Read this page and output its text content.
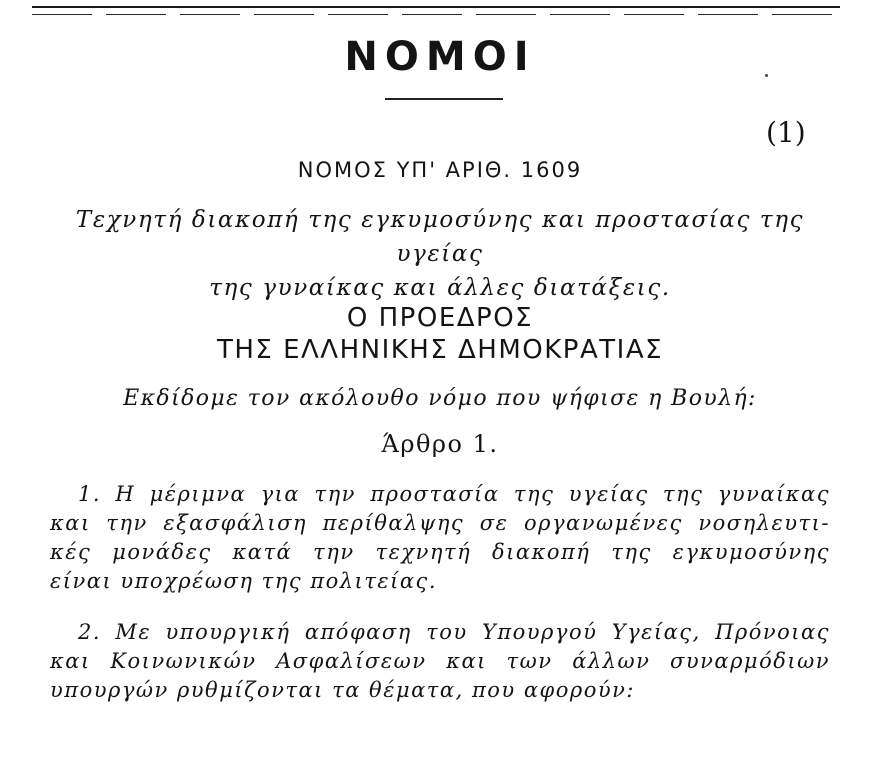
ΝΟΜΟΙ
(1)
ΝΟΜΟΣ ΥΠ' ΑΡΙΘ. 1609
Τεχνητή διακοπή της εγκυμοσύνης και προστασίας της υγείας
της γυναίκας και άλλες διατάξεις.
Ο ΠΡΟΕΔΡΟΣ
ΤΗΣ ΕΛΛΗΝΙΚΗΣ ΔΗΜΟΚΡΑΤΙΑΣ
Εκδίδομε τον ακόλουθο νόμο που ψήφισε η Βουλή:
Άρθρο 1.
1. Η μέριμνα για την προστασία της υγείας της γυναίκας
και την εξασφάλιση περίθαλψης σε οργανωμένες νοσηλευτι-
κές μονάδες κατά την τεχνητή διακοπή της εγκυμοσύνης
είναι υποχρέωση της πολιτείας.
2. Με υπουργική απόφαση του Υπουργού Υγείας, Πρόνοιας
και Κοινωνικών Ασφαλίσεων και των άλλων συναρμόδιων
υπουργών ρυθμίζονται τα θέματα, που αφορούν:
